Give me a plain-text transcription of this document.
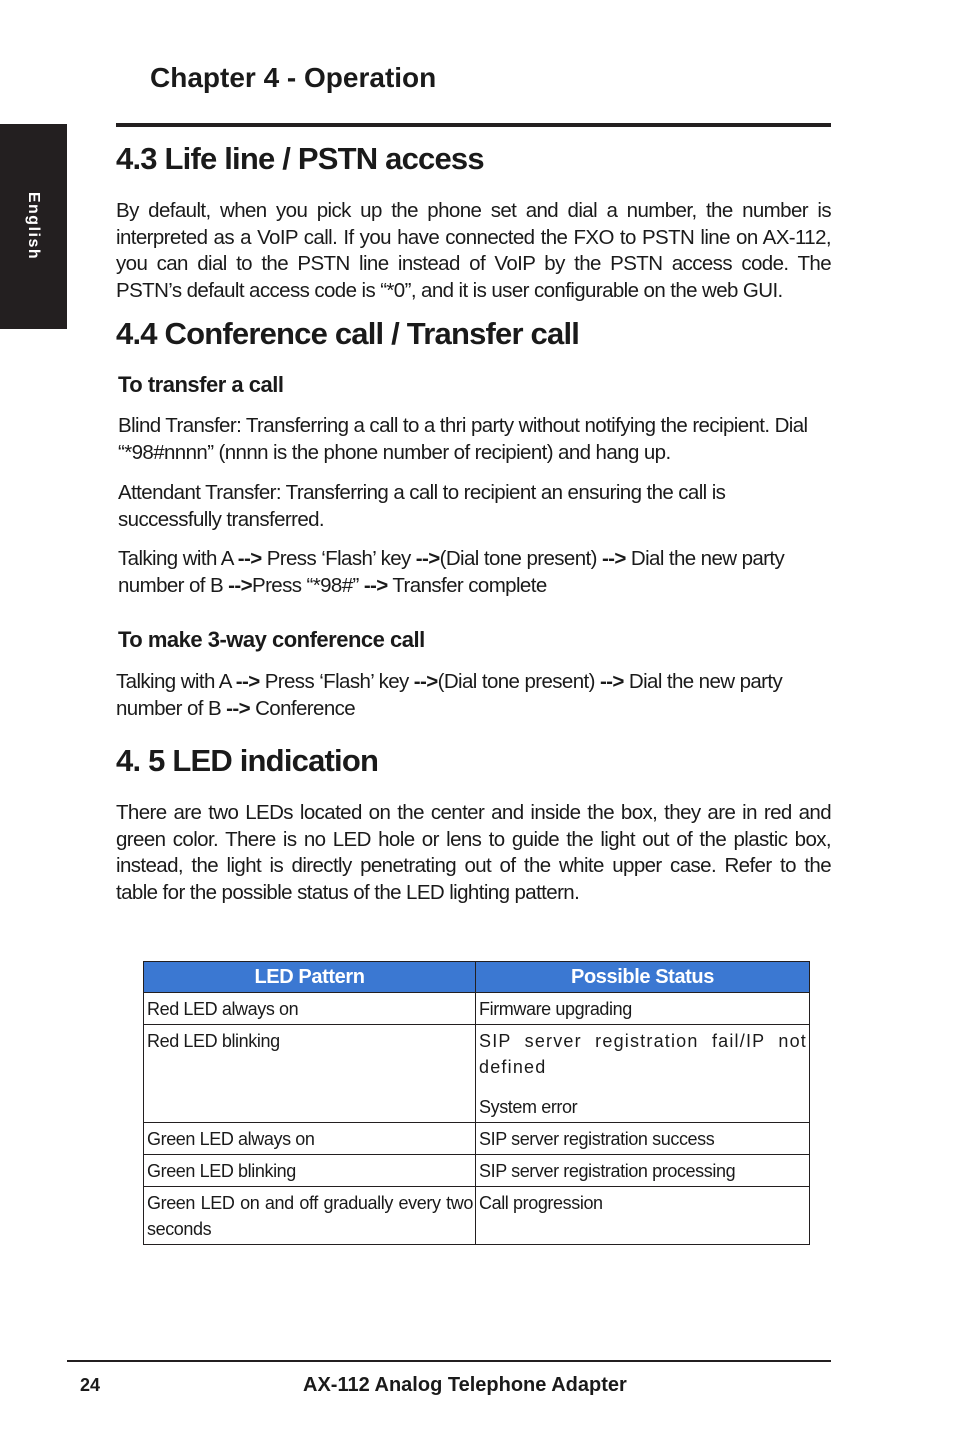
English
Chapter 4 - Operation
4.3 Life line / PSTN access

By default, when you pick up the phone set and dial a number, the number is interpreted as a VoIP call. If you have connected the FXO to PSTN line on AX-112, you can dial to the PSTN line instead of VoIP by the PSTN access code. The PSTN’s default access code is “*0”, and it is user configurable on the web GUI.

4.4 Conference call / Transfer call
To transfer a call

Blind Transfer: Transferring a call to a thri party without notifying the recipient. Dial “*98#nnnn” (nnnn is the phone number of recipient) and hang up.

Attendant Transfer: Transferring a call to recipient an ensuring the call is successfully transferred.

Talking with A --> Press ‘Flash’ key -->(Dial tone present) --> Dial the new party number of B -->Press “*98#” --> Transfer complete

To make 3-way conference call

Talking with A --> Press ‘Flash’ key -->(Dial tone present) --> Dial the new party number of B --> Conference

4. 5 LED indication

There are two LEDs located on the center and inside the box, they are in red and green color. There is no LED hole or lens to guide the light out of the plastic box, instead, the light is directly penetrating out of the white upper case. Refer to the table for the possible status of the LED lighting pattern.

LED Pattern	Possible Status
Red LED always on	Firmware upgrading
Red LED blinking	SIP server registration fail/IP not defined
System error

Green LED always on	SIP server registration success
Green LED blinking	SIP server registration processing
Green LED on and off gradually every two seconds	Call progression
24	AX-112 Analog Telephone Adapter
